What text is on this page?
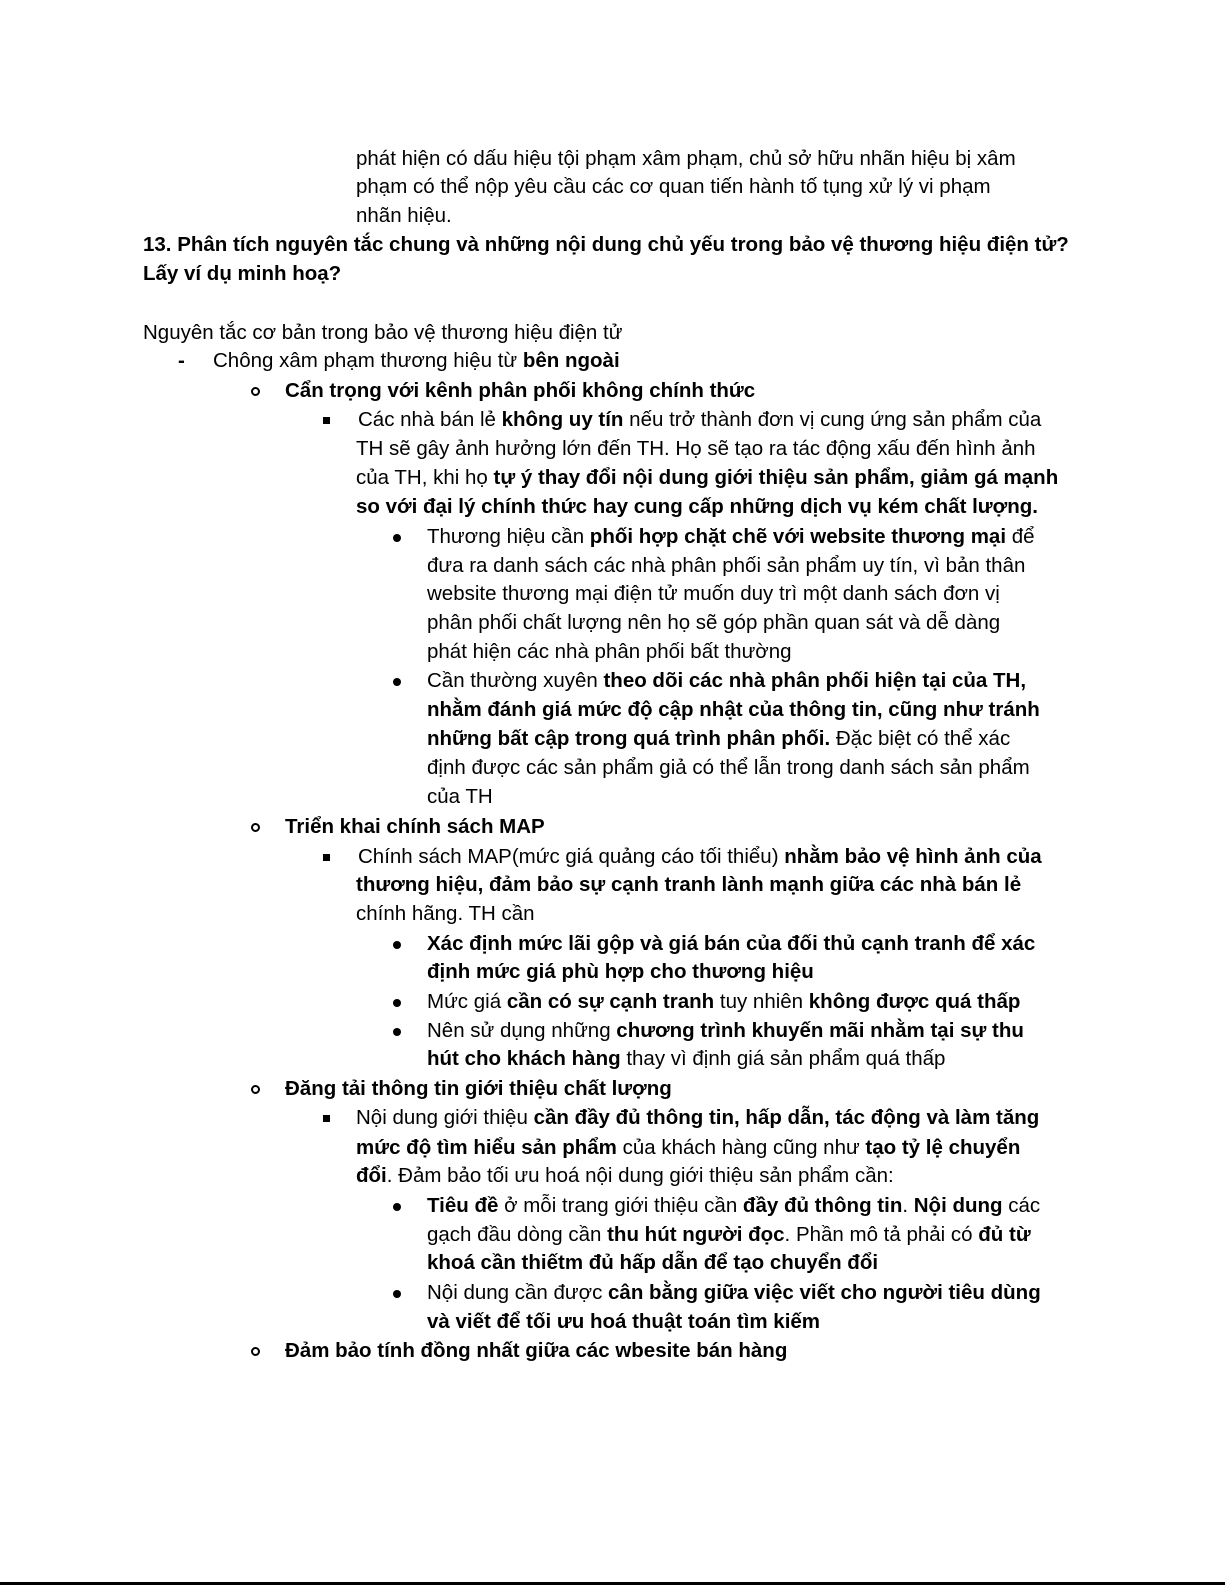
phát hiện có dấu hiệu tội phạm xâm phạm, chủ sở hữu nhãn hiệu bị xâm
phạm có thể nộp yêu cầu các cơ quan tiến hành tố tụng xử lý vi phạm
nhãn hiệu.
13. Phân tích nguyên tắc chung và những nội dung chủ yếu trong bảo vệ thương hiệu điện tử?
Lấy ví dụ minh hoạ?
Nguyên tắc cơ bản trong bảo vệ thương hiệu điện tử
- Chông xâm phạm thương hiệu từ bên ngoài
Cẩn trọng với kênh phân phối không chính thức
Các nhà bán lẻ không uy tín nếu trở thành đơn vị cung ứng sản phẩm của
TH sẽ gây ảnh hưởng lớn đến TH. Họ sẽ tạo ra tác động xấu đến hình ảnh
của TH, khi họ tự ý thay đổi nội dung giới thiệu sản phẩm, giảm gá mạnh
so với đại lý chính thức hay cung cấp những dịch vụ kém chất lượng.
Thương hiệu cần phối hợp chặt chẽ với website thương mại để
đưa ra danh sách các nhà phân phối sản phẩm uy tín, vì bản thân
website thương mại điện tử muốn duy trì một danh sách đơn vị
phân phối chất lượng nên họ sẽ góp phần quan sát và dễ dàng
phát hiện các nhà phân phối bất thường
Cần thường xuyên theo dõi các nhà phân phối hiện tại của TH,
nhằm đánh giá mức độ cập nhật của thông tin, cũng như tránh
những bất cập trong quá trình phân phối. Đặc biệt có thể xác
định được các sản phẩm giả có thể lẫn trong danh sách sản phẩm
của TH
Triển khai chính sách MAP
Chính sách MAP(mức giá quảng cáo tối thiểu) nhằm bảo vệ hình ảnh của
thương hiệu, đảm bảo sự cạnh tranh lành mạnh giữa các nhà bán lẻ
chính hãng. TH cần
Xác định mức lãi gộp và giá bán của đối thủ cạnh tranh để xác
định mức giá phù hợp cho thương hiệu
Mức giá cần có sự cạnh tranh tuy nhiên không được quá thấp
Nên sử dụng những chương trình khuyến mãi nhằm tại sự thu
hút cho khách hàng thay vì định giá sản phẩm quá thấp
Đăng tải thông tin giới thiệu chất lượng
Nội dung giới thiệu cần đầy đủ thông tin, hấp dẫn, tác động và làm tăng
mức độ tìm hiểu sản phẩm của khách hàng cũng như tạo tỷ lệ chuyển
đổi. Đảm bảo tối ưu hoá nội dung giới thiệu sản phẩm cần:
Tiêu đề ở mỗi trang giới thiệu cần đầy đủ thông tin. Nội dung các
gạch đầu dòng cần thu hút người đọc. Phần mô tả phải có đủ từ
khoá cần thiếtm đủ hấp dẫn để tạo chuyển đổi
Nội dung cần được cân bằng giữa việc viết cho người tiêu dùng
và viết để tối ưu hoá thuật toán tìm kiếm
Đảm bảo tính đồng nhất giữa các wbesite bán hàng
